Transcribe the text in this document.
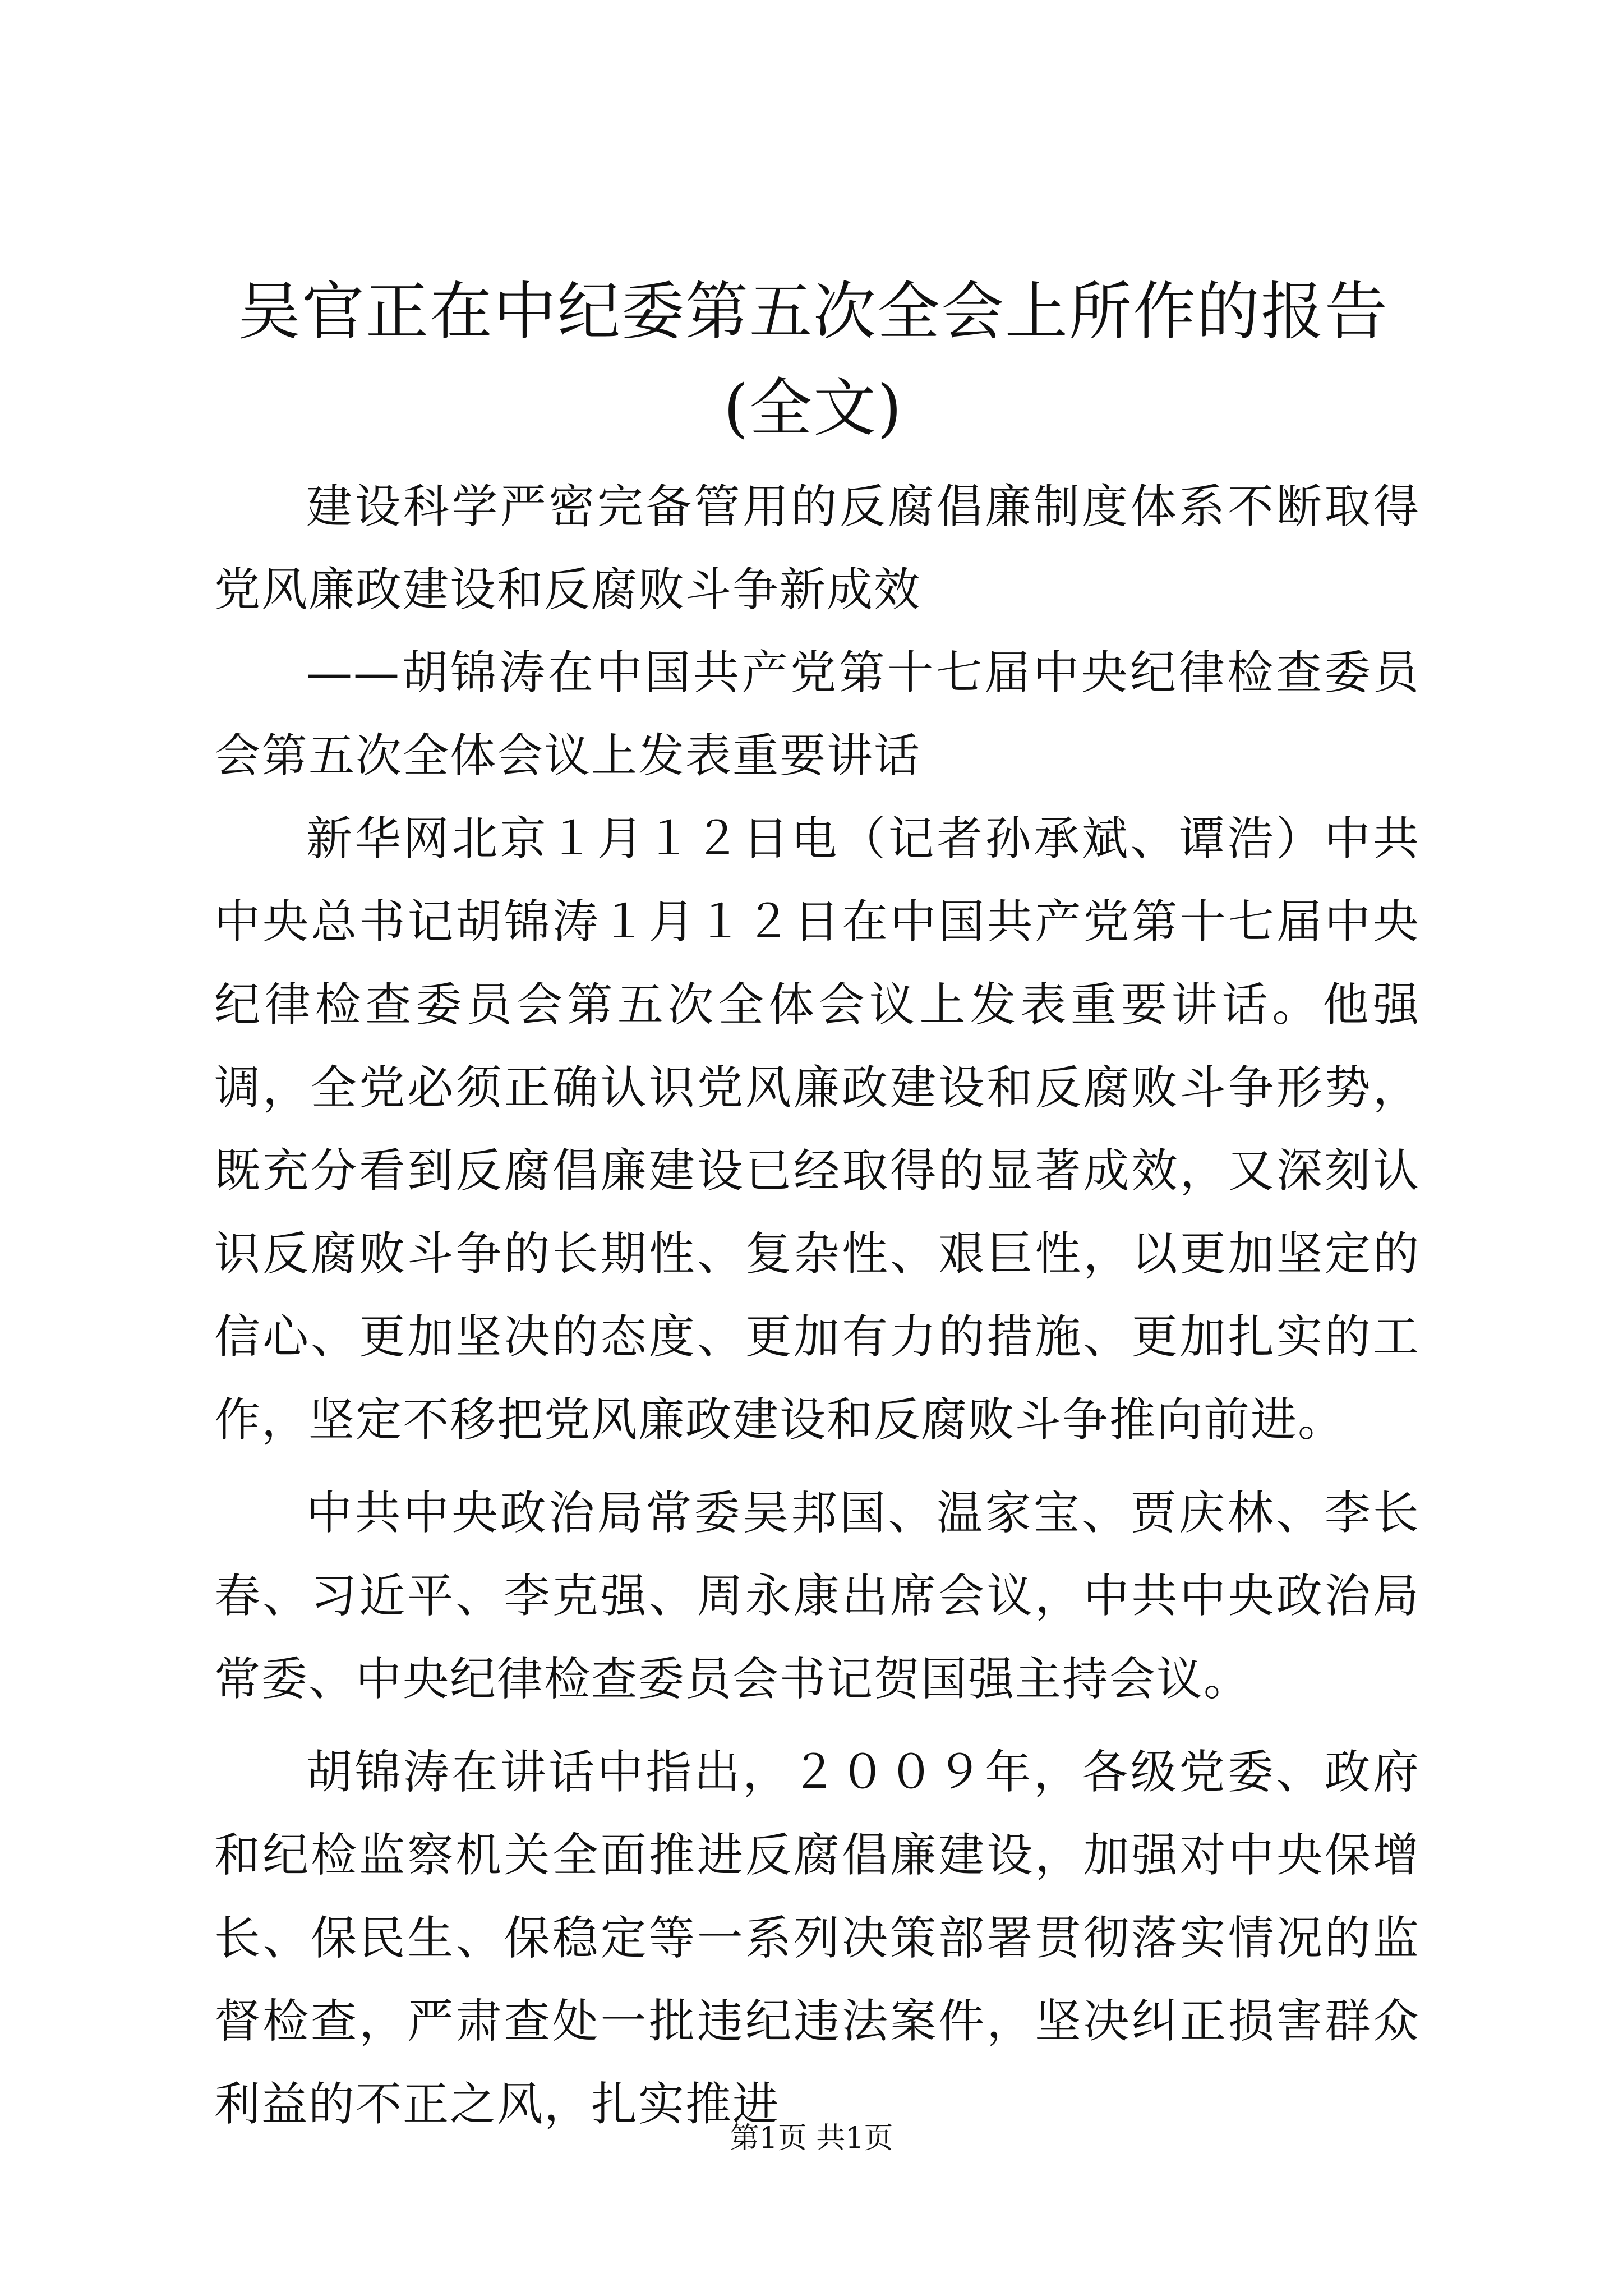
吴官正在中纪委第五次全会上所作的报告(全文)

建设科学严密完备管用的反腐倡廉制度体系不断取得党风廉政建设和反腐败斗争新成效

——胡锦涛在中国共产党第十七届中央纪律检查委员会第五次全体会议上发表重要讲话

新华网北京１月１２日电（记者孙承斌、谭浩）中共中央总书记胡锦涛１月１２日在中国共产党第十七届中央纪律检查委员会第五次全体会议上发表重要讲话。他强调，全党必须正确认识党风廉政建设和反腐败斗争形势，既充分看到反腐倡廉建设已经取得的显著成效，又深刻认识反腐败斗争的长期性、复杂性、艰巨性，以更加坚定的信心、更加坚决的态度、更加有力的措施、更加扎实的工作，坚定不移把党风廉政建设和反腐败斗争推向前进。

中共中央政治局常委吴邦国、温家宝、贾庆林、李长春、习近平、李克强、周永康出席会议，中共中央政治局常委、中央纪律检查委员会书记贺国强主持会议。

胡锦涛在讲话中指出，２００９年，各级党委、政府和纪检监察机关全面推进反腐倡廉建设，加强对中央保增长、保民生、保稳定等一系列决策部署贯彻落实情况的监督检查，严肃查处一批违纪违法案件，坚决纠正损害群众利益的不正之风，扎实推进

第1页 共1页
